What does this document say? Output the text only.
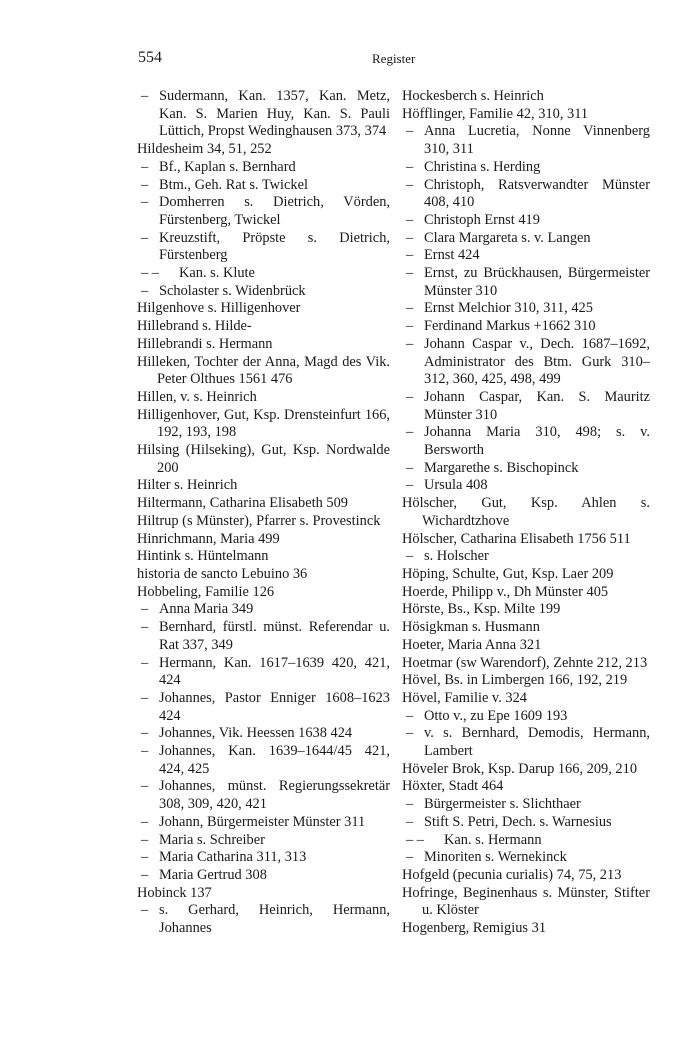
554	Register

– Sudermann, Kan. 1357, Kan. Metz, Kan. S. Marien Huy, Kan. S. Pauli Lüttich, Propst Wedinghausen 373, 374

Hildesheim 34, 51, 252

– Bf., Kaplan s. Bernhard

– Btm., Geh. Rat s. Twickel

– Domherren s. Dietrich, Vörden, Fürstenberg, Twickel

– Kreuzstift, Pröpste s. Dietrich, Fürstenberg

– – Kan. s. Klute

– Scholaster s. Widenbrück

Hilgenhove s. Hilligenhover

Hillebrand s. Hilde-

Hillebrandi s. Hermann

Hilleken, Tochter der Anna, Magd des Vik. Peter Olthues 1561 476

Hillen, v. s. Heinrich

Hilligenhover, Gut, Ksp. Drensteinfurt 166, 192, 193, 198

Hilsing (Hilseking), Gut, Ksp. Nordwalde 200

Hilter s. Heinrich

Hiltermann, Catharina Elisabeth 509

Hiltrup (s Münster), Pfarrer s. Provestinck

Hinrichmann, Maria 499

Hintink s. Hüntelmann

historia de sancto Lebuino 36

Hobbeling, Familie 126

– Anna Maria 349

– Bernhard, fürstl. münst. Referendar u. Rat 337, 349

– Hermann, Kan. 1617–1639 420, 421, 424

– Johannes, Pastor Enniger 1608–1623 424

– Johannes, Vik. Heessen 1638 424

– Johannes, Kan. 1639–1644/45 421, 424, 425

– Johannes, münst. Regierungssekretär 308, 309, 420, 421

– Johann, Bürgermeister Münster 311

– Maria s. Schreiber

– Maria Catharina 311, 313

– Maria Gertrud 308

Hobinck 137

– s. Gerhard, Heinrich, Hermann, Johannes

Hockesberch s. Heinrich

Höfflinger, Familie 42, 310, 311

– Anna Lucretia, Nonne Vinnenberg 310, 311

– Christina s. Herding

– Christoph, Ratsverwandter Münster 408, 410

– Christoph Ernst 419

– Clara Margareta s. v. Langen

– Ernst 424

– Ernst, zu Brückhausen, Bürgermeister Münster 310

– Ernst Melchior 310, 311, 425

– Ferdinand Markus +1662 310

– Johann Caspar v., Dech. 1687–1692, Administrator des Btm. Gurk 310–312, 360, 425, 498, 499

– Johann Caspar, Kan. S. Mauritz Münster 310

– Johanna Maria 310, 498; s. v. Bersworth

– Margarethe s. Bischopinck

– Ursula 408

Hölscher, Gut, Ksp. Ahlen s. Wichardtzhove

Hölscher, Catharina Elisabeth 1756 511

– s. Holscher

Höping, Schulte, Gut, Ksp. Laer 209

Hoerde, Philipp v., Dh Münster 405

Hörste, Bs., Ksp. Milte 199

Hösigkman s. Husmann

Hoeter, Maria Anna 321

Hoetmar (sw Warendorf), Zehnte 212, 213

Hövel, Bs. in Limbergen 166, 192, 219

Hövel, Familie v. 324

– Otto v., zu Epe 1609 193

– v. s. Bernhard, Demodis, Hermann, Lambert

Höveler Brok, Ksp. Darup 166, 209, 210

Höxter, Stadt 464

– Bürgermeister s. Slichthaer

– Stift S. Petri, Dech. s. Warnesius

– – Kan. s. Hermann

– Minoriten s. Wernekinck

Hofgeld (pecunia curialis) 74, 75, 213

Hofringe, Beginenhaus s. Münster, Stifter u. Klöster

Hogenberg, Remigius 31
